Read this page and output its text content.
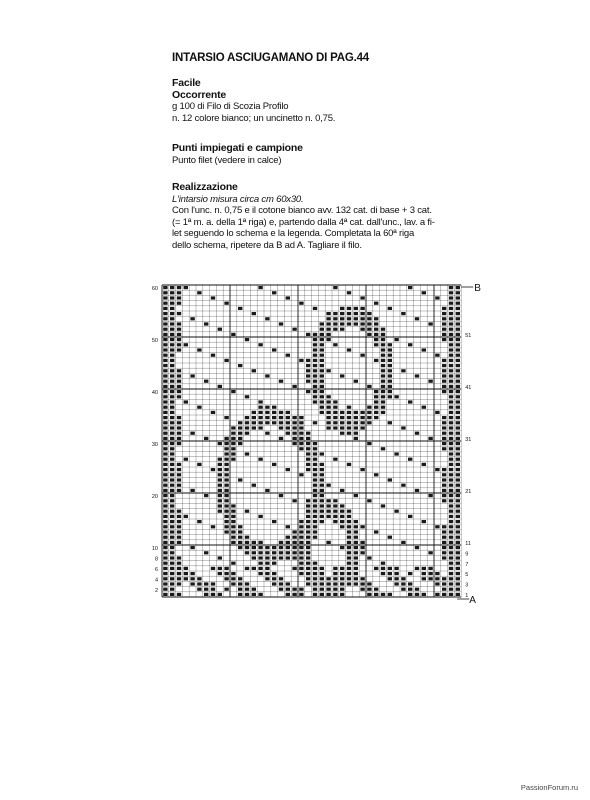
INTARSIO ASCIUGAMANO DI PAG.44
Facile
Occorrente
g 100 di Filo di Scozia Profilo
n. 12 colore bianco; un uncinetto n. 0,75.
Punti impiegati e campione
Punto filet (vedere in calce)
Realizzazione
L'intarsio misura circa cm 60x30.
Con l'unc. n. 0,75 e il cotone bianco avv. 132 cat. di base + 3 cat.
(= 1ª m. a. della 1ª riga) e, partendo dalla 4ª cat. dall'unc., lav. a fi-
let seguendo lo schema e la legenda. Completata la 60ª riga
dello schema, ripetere da B ad A. Tagliare il filo.
60
50
40
30
20
10
8
6
4
2
51
41
31
21
11
9
7
5
3
1
B
A
PassionForum.ru
